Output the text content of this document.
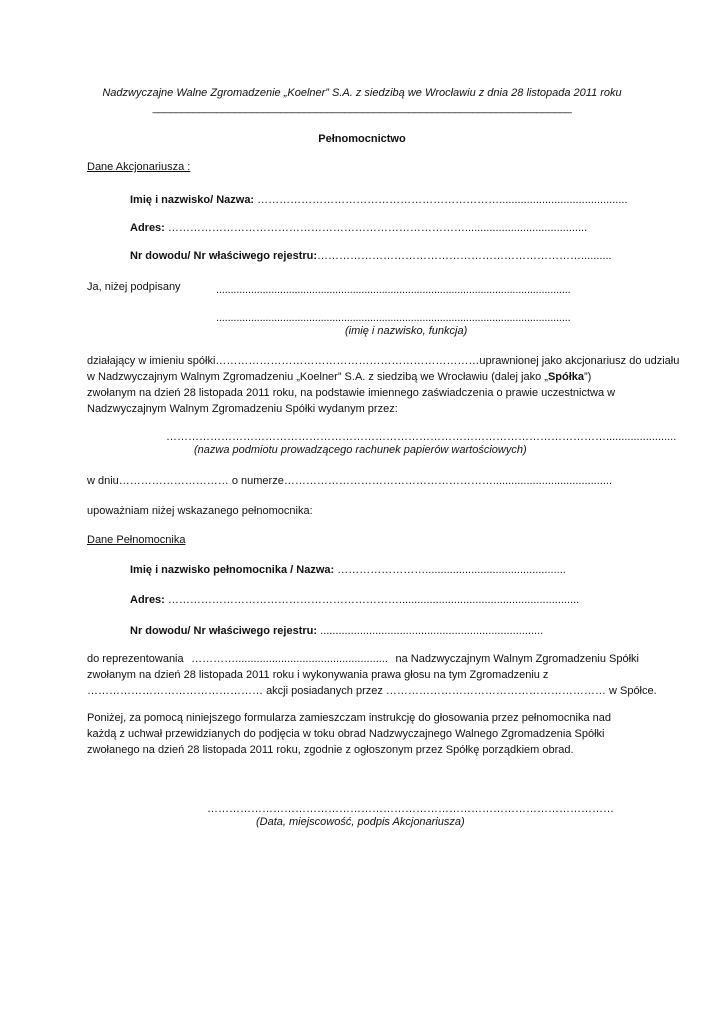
Nadzwyczajne Walne Zgromadzenie „Koelner” S.A. z siedzibą we Wrocławiu z dnia 28 listopada 2011 roku
________________________________________________________________________
Pełnomocnictwo
Dane Akcjonariusza :
Imię i nazwisko/ Nazwa: …………………………………………………………..........................................
Adres: ………………………………………………………………………........................................
Nr dowodu/ Nr właściwego rejestru:………………………………………………………………..........
Ja, niżej podpisany	..........................................................................................................................
..........................................................................................................................
(imię i nazwisko, funkcja)
działający w imieniu spółki ……………………………………………………………… uprawnionej jako akcjonariusz do udziału
w Nadzwyczajnym Walnym Zgromadzeniu „Koelner” S.A. z siedzibą we Wrocławiu (dalej jako „Spółka”)
zwołanym na dzień 28 listopada 2011 roku, na podstawie imiennego zaświadczenia o prawie uczestnictwa w
Nadzwyczajnym Walnym Zgromadzeniu Spółki wydanym przez:
………………………………………………………………………………………………………….......................
(nazwa podmiotu prowadzącego rachunek papierów wartościowych)
w dniu………………………… o numerze………………………………………………….......................................
upoważniam niżej wskazanego pełnomocnika:
Dane Pełnomocnika
Imię i nazwisko pełnomocnika / Nazwa: ……………………..............................................
Adres: ………………………………………………………...........................................................
Nr dowodu/ Nr właściwego rejestru: .........................................................................
do reprezentowania ………….................................................. na Nadzwyczajnym Walnym Zgromadzeniu Spółki
zwołanym na dzień 28 listopada 2011 roku i wykonywania prawa głosu na tym Zgromadzeniu z
………………………………………… akcji posiadanych przez …………………………………………………… w Spółce.
Poniżej, za pomocą niniejszego formularza zamieszczam instrukcję do głosowania przez pełnomocnika nad
każdą z uchwał przewidzianych do podjęcia w toku obrad Nadzwyczajnego Walnego Zgromadzenia Spółki
zwołanego na dzień 28 listopada 2011 roku, zgodnie z ogłoszonym przez Spółkę porządkiem obrad.
…………………………………………………………………………………………………
(Data, miejscowość, podpis Akcjonariusza)
